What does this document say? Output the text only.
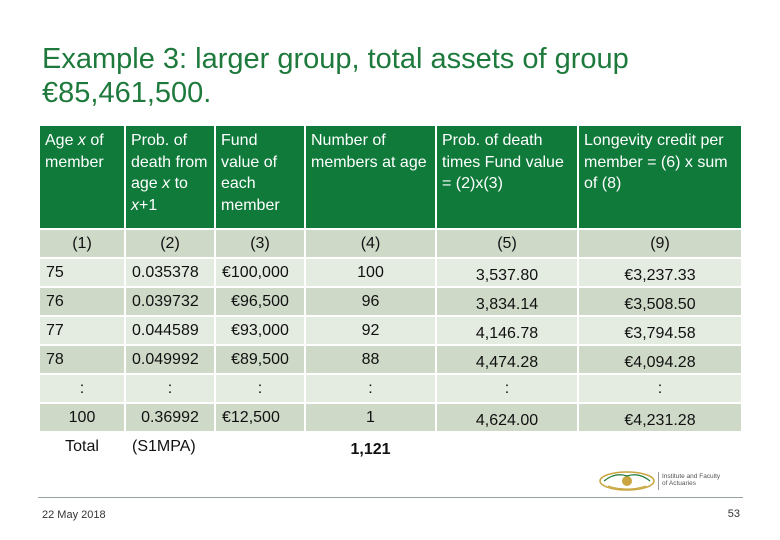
Example 3: larger group, total assets of group €85,461,500.
Age x of member	Prob. of death from age x to x+1	Fund value of each member	Number of members at age	Prob. of death times Fund value = (2)x(3)	Longevity credit per member = (6) x sum of (8)
(1)	(2)	(3)	(4)	(5)	(9)
75	0.035378	€100,000	100	3,537.80	€3,237.33
76	0.039732	€96,500	96	3,834.14	€3,508.50
77	0.044589	€93,000	92	4,146.78	€3,794.58
78	0.049992	€89,500	88	4,474.28	€4,094.28
:	:	:	:	:	:
100	0.36992	€12,500	1	4,624.00	€4,231.28
Total	(S1MPA)		1,121		
Institute and Faculty
of Actuaries
22 May 2018	53
